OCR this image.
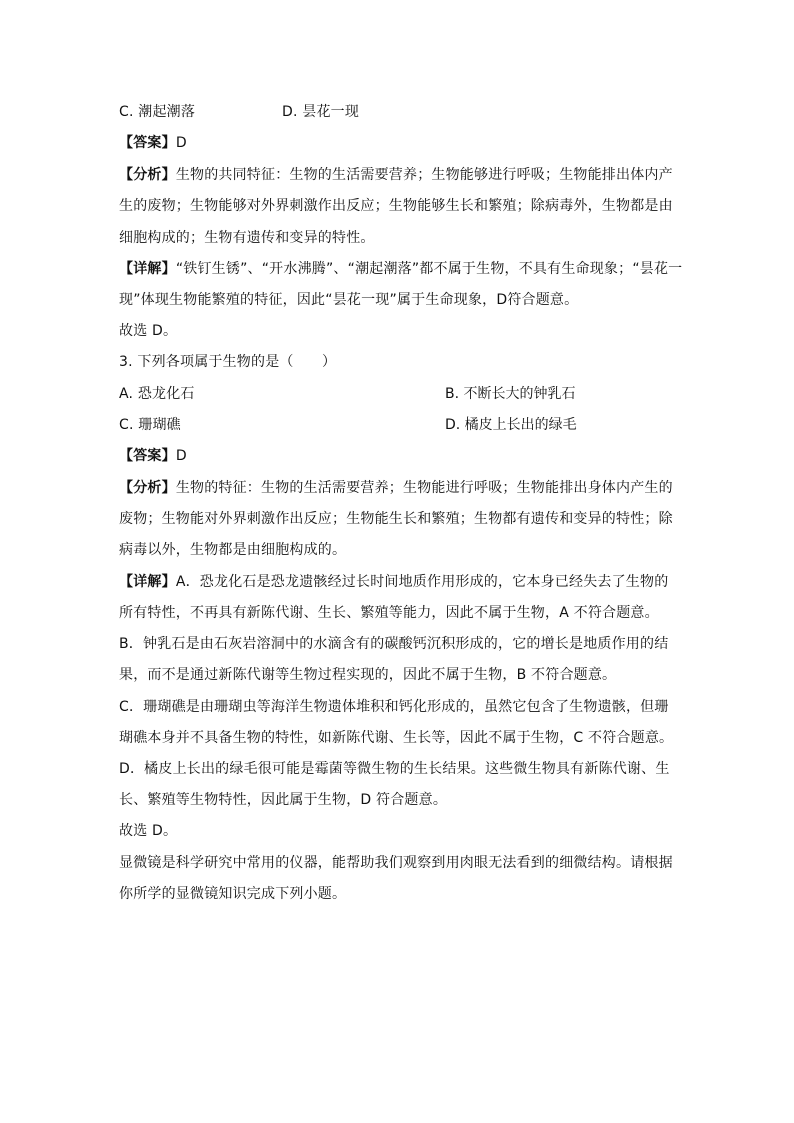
C. 潮起潮落	D. 昙花一现
【答案】D
【分析】生物的共同特征：生物的生活需要营养；生物能够进行呼吸；生物能排出体内产
生的废物；生物能够对外界刺激作出反应；生物能够生长和繁殖；除病毒外，生物都是由
细胞构成的；生物有遗传和变异的特性。
【详解】“铁钉生锈”、“开水沸腾”、“潮起潮落”都不属于生物，不具有生命现象；“昙花一
现”体现生物能繁殖的特征，因此“昙花一现”属于生命现象，D符合题意。
故选 D。
3. 下列各项属于生物的是（　　）
A. 恐龙化石	B. 不断长大的钟乳石
C. 珊瑚礁	D. 橘皮上长出的绿毛
【答案】D
【分析】生物的特征：生物的生活需要营养；生物能进行呼吸；生物能排出身体内产生的
废物；生物能对外界刺激作出反应；生物能生长和繁殖；生物都有遗传和变异的特性；除
病毒以外，生物都是由细胞构成的。
【详解】A．恐龙化石是恐龙遗骸经过长时间地质作用形成的，它本身已经失去了生物的
所有特性，不再具有新陈代谢、生长、繁殖等能力，因此不属于生物，A 不符合题意。
B．钟乳石是由石灰岩溶洞中的水滴含有的碳酸钙沉积形成的，它的增长是地质作用的结
果，而不是通过新陈代谢等生物过程实现的，因此不属于生物，B 不符合题意。
C．珊瑚礁是由珊瑚虫等海洋生物遗体堆积和钙化形成的，虽然它包含了生物遗骸，但珊
瑚礁本身并不具备生物的特性，如新陈代谢、生长等，因此不属于生物，C 不符合题意。
D．橘皮上长出的绿毛很可能是霉菌等微生物的生长结果。这些微生物具有新陈代谢、生
长、繁殖等生物特性，因此属于生物，D 符合题意。
故选 D。
显微镜是科学研究中常用的仪器，能帮助我们观察到用肉眼无法看到的细微结构。请根据
你所学的显微镜知识完成下列小题。
